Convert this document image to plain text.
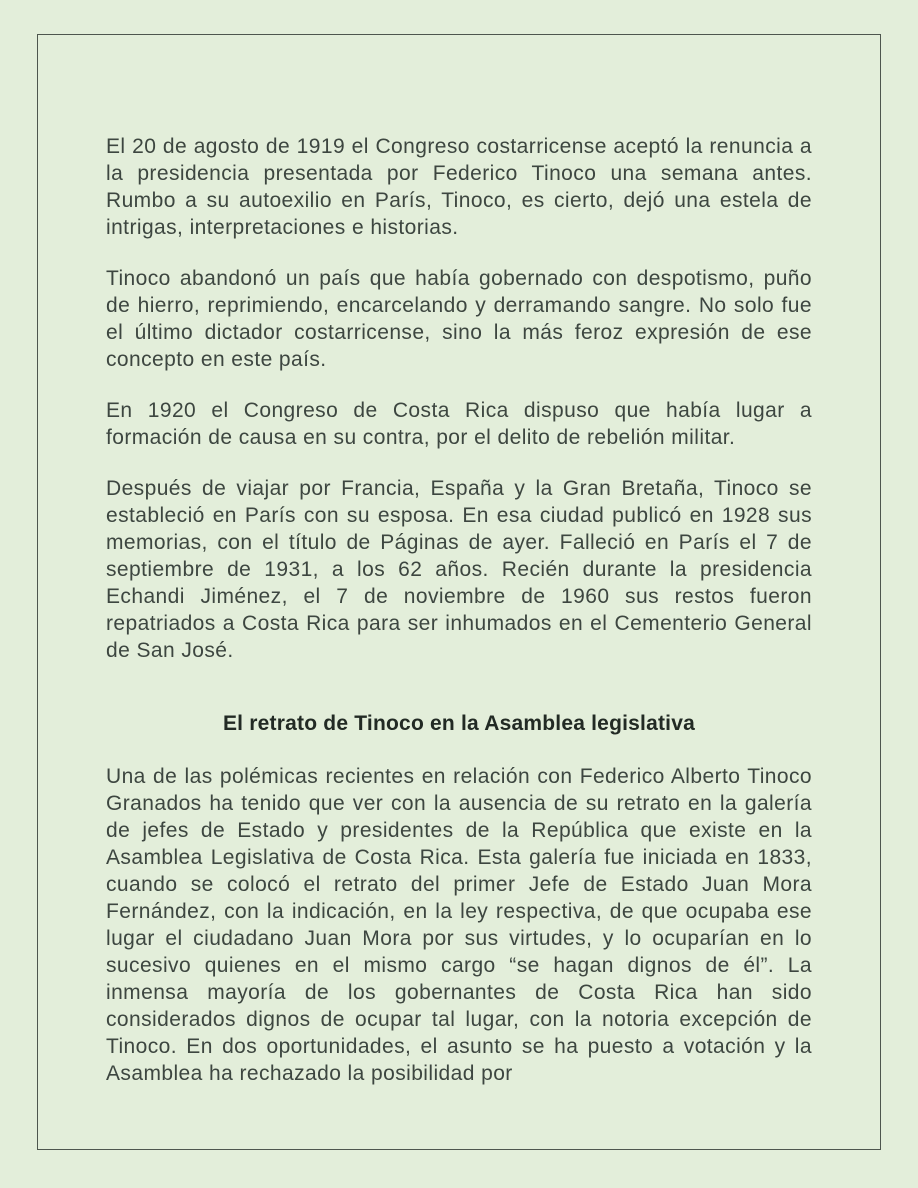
El 20 de agosto de 1919 el Congreso costarricense aceptó la renuncia a la presidencia presentada por Federico Tinoco una semana antes. Rumbo a su autoexilio en París, Tinoco, es cierto, dejó una estela de intrigas, interpretaciones e historias.

Tinoco abandonó un país que había gobernado con despotismo, puño de hierro, reprimiendo, encarcelando y derramando sangre. No solo fue el último dictador costarricense, sino la más feroz expresión de ese concepto en este país.

En 1920 el Congreso de Costa Rica dispuso que había lugar a formación de causa en su contra, por el delito de rebelión militar.

Después de viajar por Francia, España y la Gran Bretaña, Tinoco se estableció en París con su esposa. En esa ciudad publicó en 1928 sus memorias, con el título de Páginas de ayer. Falleció en París el 7 de septiembre de 1931, a los 62 años. Recién durante la presidencia Echandi Jiménez, el 7 de noviembre de 1960 sus restos fueron repatriados a Costa Rica para ser inhumados en el Cementerio General de San José.

El retrato de Tinoco en la Asamblea legislativa

Una de las polémicas recientes en relación con Federico Alberto Tinoco Granados ha tenido que ver con la ausencia de su retrato en la galería de jefes de Estado y presidentes de la República que existe en la Asamblea Legislativa de Costa Rica. Esta galería fue iniciada en 1833, cuando se colocó el retrato del primer Jefe de Estado Juan Mora Fernández, con la indicación, en la ley respectiva, de que ocupaba ese lugar el ciudadano Juan Mora por sus virtudes, y lo ocuparían en lo sucesivo quienes en el mismo cargo “se hagan dignos de él”. La inmensa mayoría de los gobernantes de Costa Rica han sido considerados dignos de ocupar tal lugar, con la notoria excepción de Tinoco. En dos oportunidades, el asunto se ha puesto a votación y la Asamblea ha rechazado la posibilidad por
